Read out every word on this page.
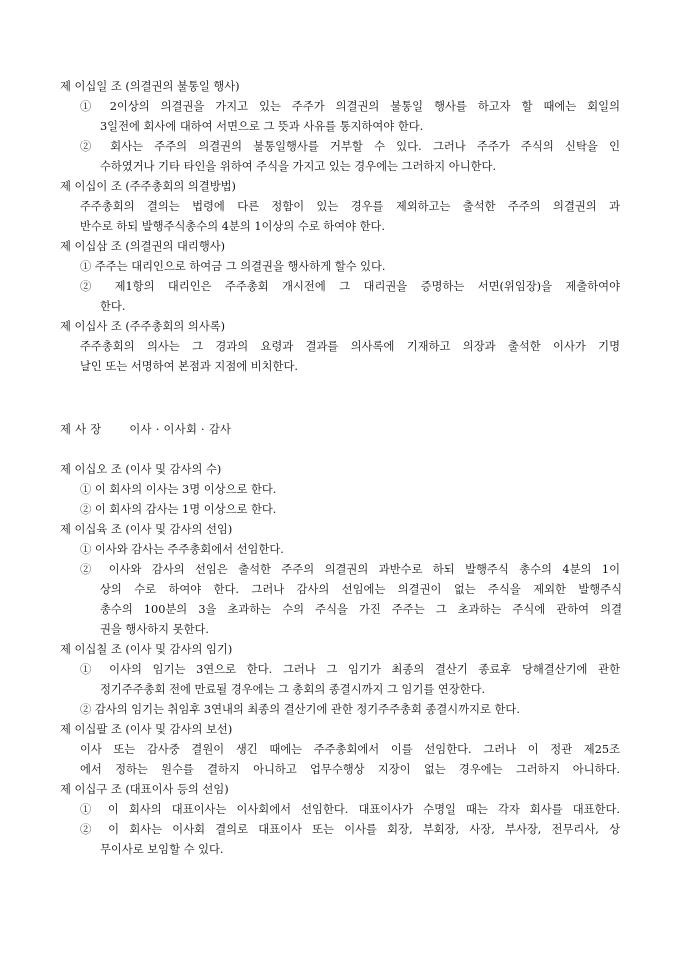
제 이십일 조 (의결권의 불통일 행사)
① 2이상의 의결권을 가지고 있는 주주가 의결권의 불통일 행사를 하고자 할 때에는 회일의
3일전에 회사에 대하여 서면으로 그 뜻과 사유를 통지하여야 한다.
② 회사는 주주의 의결권의 불통일행사를 거부할 수 있다. 그러나 주주가 주식의 신탁을 인
수하였거나 기타 타인을 위하여 주식을 가지고 있는 경우에는 그러하지 아니한다.
제 이십이 조 (주주총회의 의결방법)
주주총회의 결의는 법령에 다른 정함이 있는 경우를 제외하고는 출석한 주주의 의결권의 과
반수로 하되 발행주식총수의 4분의 1이상의 수로 하여야 한다.
제 이십삼 조 (의결권의 대리행사)
① 주주는 대리인으로 하여금 그 의결권을 행사하게 할수 있다.
② 제1항의 대리인은 주주총회 개시전에 그 대리권을 증명하는 서면(위임장)을 제출하여야
한다.
제 이십사 조 (주주총회의 의사록)
주주총회의 의사는 그 경과의 요령과 결과를 의사록에 기재하고 의장과 출석한 이사가 기명
날인 또는 서명하여 본점과 지점에 비치한다.
제 사 장 이사 · 이사회 · 감사
제 이십오 조 (이사 및 감사의 수)
① 이 회사의 이사는 3명 이상으로 한다.
② 이 회사의 감사는 1명 이상으로 한다.
제 이십육 조 (이사 및 감사의 선임)
① 이사와 감사는 주주총회에서 선임한다.
② 이사와 감사의 선임은 출석한 주주의 의결권의 과반수로 하되 발행주식 총수의 4분의 1이
상의 수로 하여야 한다. 그러나 감사의 선임에는 의결권이 없는 주식을 제외한 발행주식
총수의 100분의 3을 초과하는 수의 주식을 가진 주주는 그 초과하는 주식에 관하여 의결
권을 행사하지 못한다.
제 이십칠 조 (이사 및 감사의 임기)
① 이사의 임기는 3연으로 한다. 그러나 그 임기가 최종의 결산기 종료후 당해결산기에 관한
정기주주총회 전에 만료될 경우에는 그 총회의 종결시까지 그 임기를 연장한다.
② 감사의 임기는 취임후 3연내의 최종의 결산기에 관한 정기주주총회 종결시까지로 한다.
제 이십팔 조 (이사 및 감사의 보선)
이사 또는 감사중 결원이 생긴 때에는 주주총회에서 이를 선임한다. 그러나 이 정관 제25조
에서 정하는 원수를 결하지 아니하고 업무수행상 지장이 없는 경우에는 그러하지 아니하다.
제 이십구 조 (대표이사 등의 선임)
① 이 회사의 대표이사는 이사회에서 선임한다. 대표이사가 수명일 때는 각자 회사를 대표한다.
② 이 회사는 이사회 결의로 대표이사 또는 이사를 회장, 부회장, 사장, 부사장, 전무리사, 상
무이사로 보임할 수 있다.
